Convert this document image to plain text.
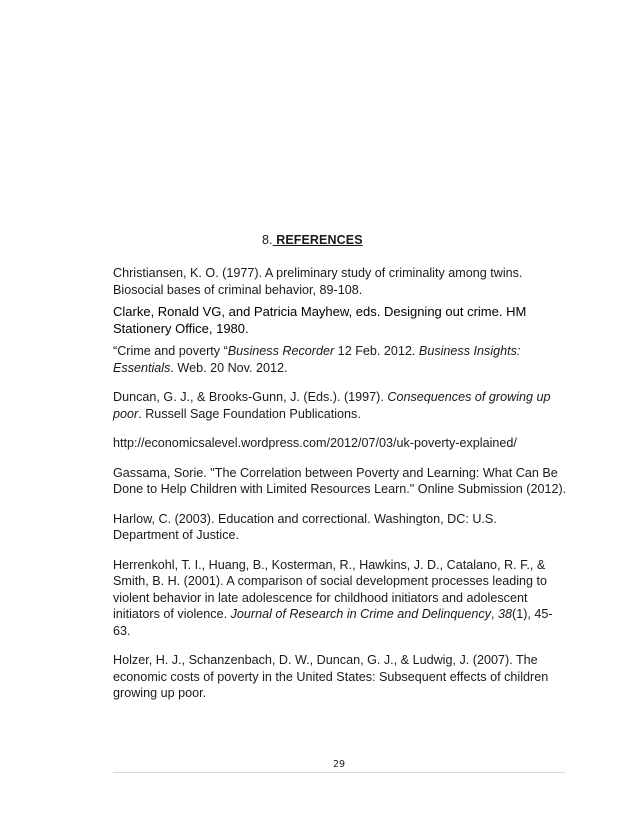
8. REFERENCES
Christiansen, K. O. (1977). A preliminary study of criminality among twins.
Biosocial bases of criminal behavior, 89-108.
Clarke, Ronald VG, and Patricia Mayhew, eds. Designing out crime. HM
Stationery Office, 1980.
“Crime and poverty “Business Recorder 12 Feb. 2012. Business Insights:
Essentials. Web. 20 Nov. 2012.
Duncan, G. J., & Brooks-Gunn, J. (Eds.). (1997). Consequences of growing up
poor. Russell Sage Foundation Publications.
http://economicsalevel.wordpress.com/2012/07/03/uk-poverty-explained/
Gassama, Sorie. "The Correlation between Poverty and Learning: What Can Be
Done to Help Children with Limited Resources Learn." Online Submission (2012).
Harlow, C. (2003). Education and correctional. Washington, DC: U.S.
Department of Justice.
Herrenkohl, T. I., Huang, B., Kosterman, R., Hawkins, J. D., Catalano, R. F., &
Smith, B. H. (2001). A comparison of social development processes leading to
violent behavior in late adolescence for childhood initiators and adolescent
initiators of violence. Journal of Research in Crime and Delinquency, 38(1), 45-
63.
Holzer, H. J., Schanzenbach, D. W., Duncan, G. J., & Ludwig, J. (2007). The
economic costs of poverty in the United States: Subsequent effects of children
growing up poor.
29
